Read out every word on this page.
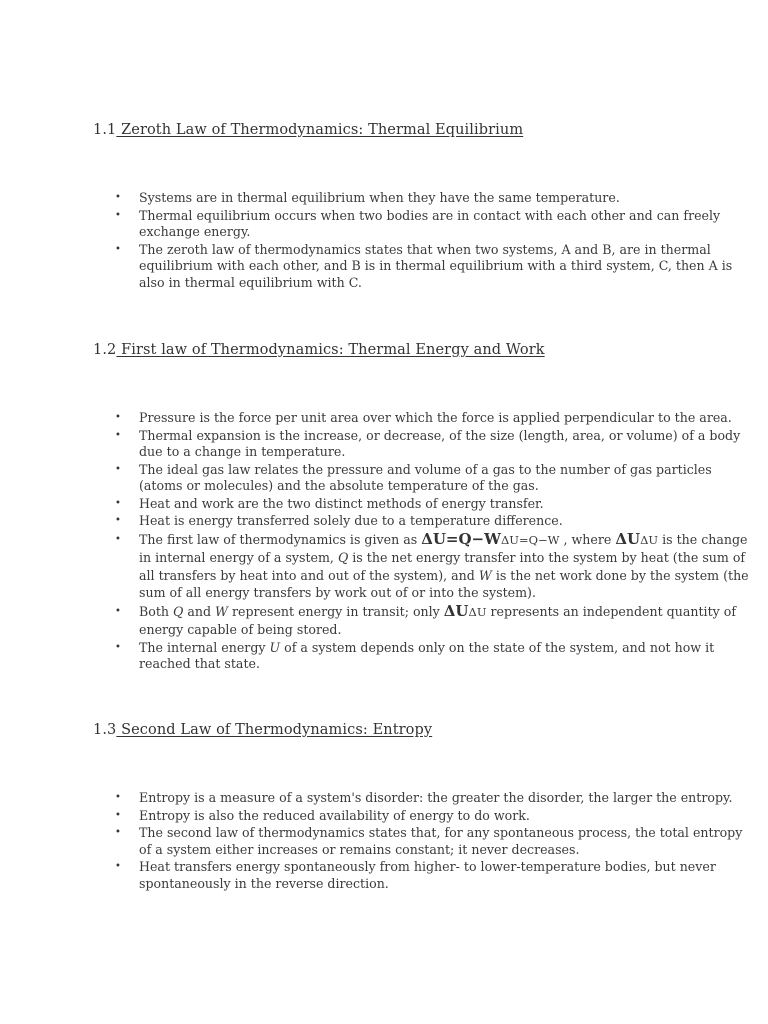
1.1 Zeroth Law of Thermodynamics: Thermal Equilibrium
• Systems are in thermal equilibrium when they have the same temperature.
• Thermal equilibrium occurs when two bodies are in contact with each other and can freely exchange energy.
• The zeroth law of thermodynamics states that when two systems, A and B, are in thermal equilibrium with each other, and B is in thermal equilibrium with a third system, C, then A is also in thermal equilibrium with C.
1.2 First law of Thermodynamics: Thermal Energy and Work
• Pressure is the force per unit area over which the force is applied perpendicular to the area.
• Thermal expansion is the increase, or decrease, of the size (length, area, or volume) of a body due to a change in temperature.
• The ideal gas law relates the pressure and volume of a gas to the number of gas particles (atoms or molecules) and the absolute temperature of the gas.
• Heat and work are the two distinct methods of energy transfer.
• Heat is energy transferred solely due to a temperature difference.
• The first law of thermodynamics is given as ΔU=Q−WΔU=Q−W , where ΔUΔU is the change in internal energy of a system, Q is the net energy transfer into the system by heat (the sum of all transfers by heat into and out of the system), and W is the net work done by the system (the sum of all energy transfers by work out of or into the system).
• Both Q and W represent energy in transit; only ΔUΔU represents an independent quantity of energy capable of being stored.
• The internal energy U of a system depends only on the state of the system, and not how it reached that state.
1.3 Second Law of Thermodynamics: Entropy
• Entropy is a measure of a system's disorder: the greater the disorder, the larger the entropy.
• Entropy is also the reduced availability of energy to do work.
• The second law of thermodynamics states that, for any spontaneous process, the total entropy of a system either increases or remains constant; it never decreases.
• Heat transfers energy spontaneously from higher- to lower-temperature bodies, but never spontaneously in the reverse direction.
